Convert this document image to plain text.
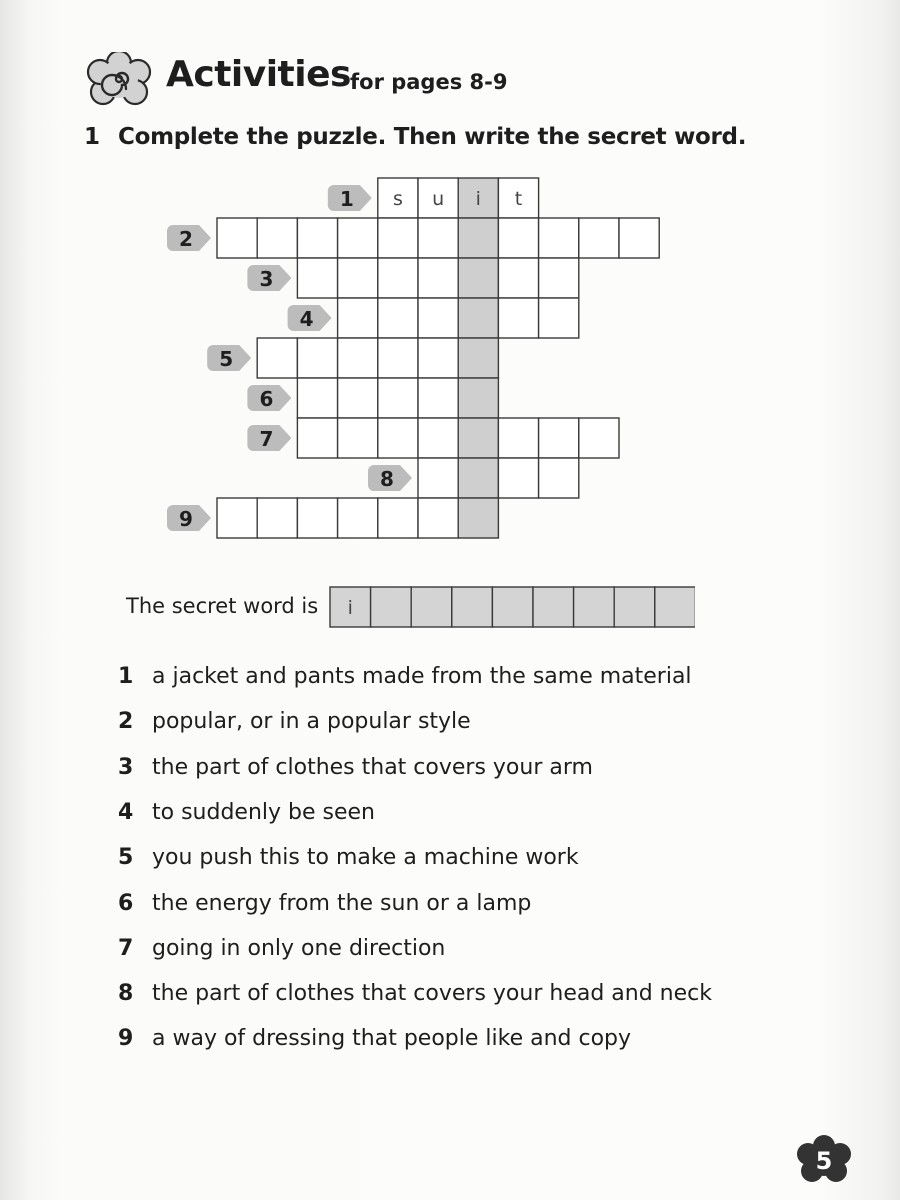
Activities for pages 8-9
1 Complete the puzzle. Then write the secret word.
s u i t
1
2
3
4
5
6
7
8
9
The secret word is i
1 a jacket and pants made from the same material
2 popular, or in a popular style
3 the part of clothes that covers your arm
4 to suddenly be seen
5 you push this to make a machine work
6 the energy from the sun or a lamp
7 going in only one direction
8 the part of clothes that covers your head and neck
9 a way of dressing that people like and copy
5
